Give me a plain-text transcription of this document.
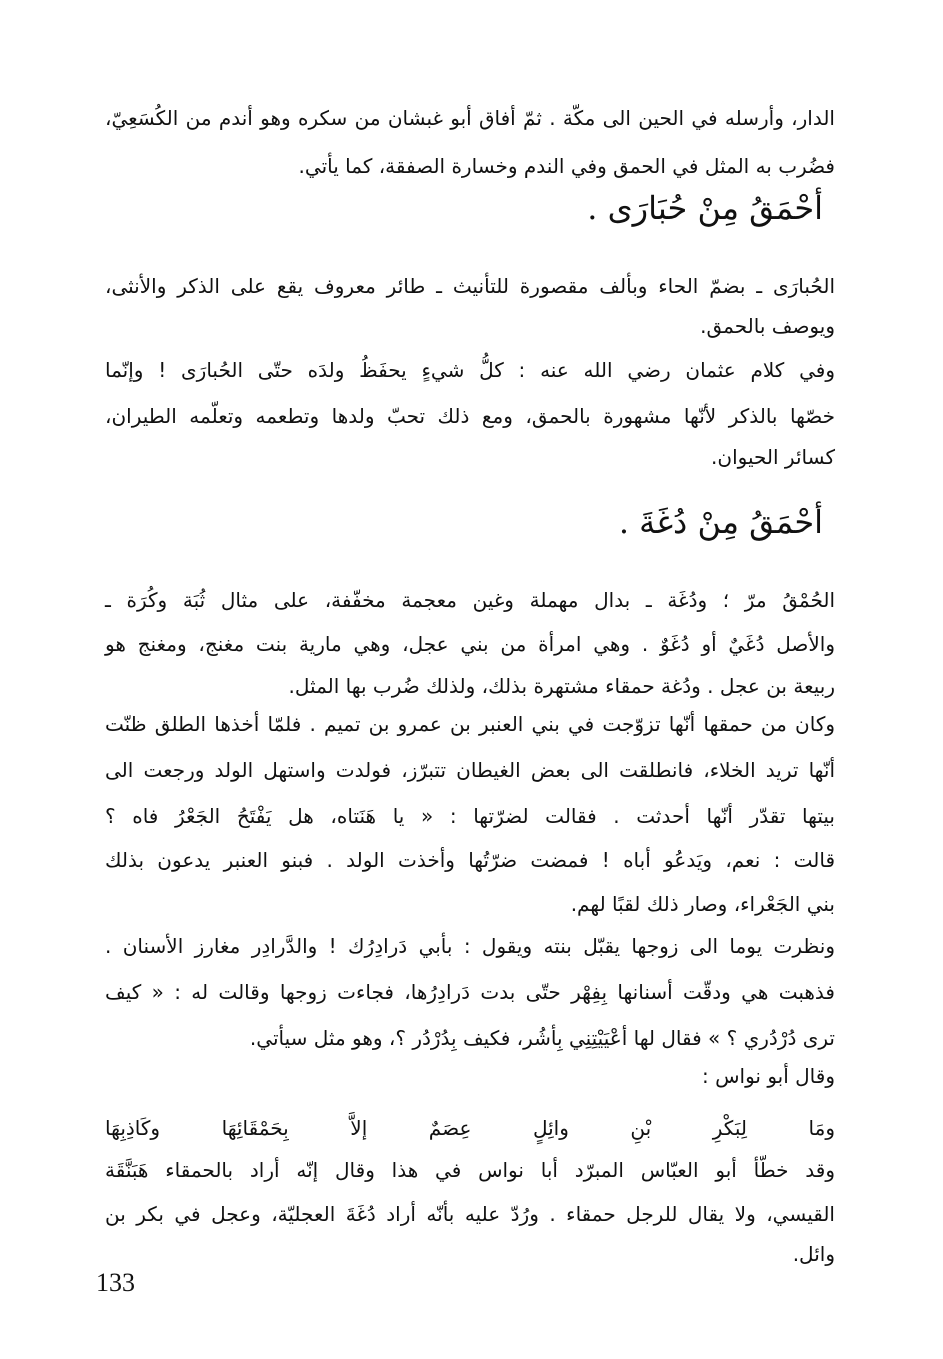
الدار، وأرسله في الحين الى مكّة . ثمّ أفاق أبو غبشان من سكره وهو أندم من الكُسَعِيّ،
فضُرب به المثل في الحمق وفي الندم وخسارة الصفقة، كما يأتي.
أحْمَقُ مِنْ حُبَارَى .
الحُبارَى ـ بضمّ الحاء وبألف مقصورة للتأنيث ـ طائر معروف يقع على الذكر والأنثى،
ويوصف بالحمق.
وفي كلام عثمان رضي الله عنه : كلُّ شيءٍ يحفَظُ ولدَه حتّى الحُبارَى ! وإنّما
خصّها بالذكر لأنّها مشهورة بالحمق، ومع ذلك تحبّ ولدها وتطعمه وتعلّمه الطيران،
كسائر الحيوان.
أحْمَقُ مِنْ دُغَةَ .
الحُمْقُ مرّ ؛ ودُغَة ـ بدال مهملة وغين معجمة مخفّفة، على مثال ثُبَة وكُرَة ـ
والأصل دُغَيٌ أو دُغَوٌ . وهي امرأة من بني عجل، وهي مارية بنت مغنج، ومغنج هو
ربيعة بن عجل . ودُغة حمقاء مشتهرة بذلك، ولذلك ضُرب بها المثل.
وكان من حمقها أنّها تزوّجت في بني العنبر بن عمرو بن تميم . فلمّا أخذها الطلق ظنّت
أنّها تريد الخلاء، فانطلقت الى بعض الغيطان تتبرّز، فولدت واستهل الولد ورجعت الى
بيتها تقدّر أنّها أحدثت . فقالت لضرّتها : « يا هَنَتاه، هل يَفْتَحُ الجَعْرُ فاه ؟
قالت : نعم، ويَدعُو أباه ! فمضت ضرّتُها وأخذت الولد . فبنو العنبر يدعون بذلك
بني الجَعْراء، وصار ذلك لقبًا لهم.
ونظرت يوما الى زوجها يقبّل بنته ويقول : بأبي دَرادِرُك ! والدَّرادِر مغارز الأسنان .
فذهبت هي ودقّت أسنانها بِفِهْر حتّى بدت دَرادِرُها، فجاءت زوجها وقالت له : « كيف
ترى دُرْدُري ؟ » فقال لها أعْيَيْتِنِي بِأشُر، فكيف بِدُرْدُر ؟، وهو مثل سيأتي.
وقال أبو نواس :
ومَا لِبَكْرِ بْنِ وائِلٍ عِصَمٌ إلاَّ بِحَمْقَائِهَا وكَاذِبِهَا
وقد خطّأ أبو العبّاس المبرّد أبا نواس في هذا وقال إنّه أراد بالحمقاء هَبَنَّقَة
القيسي، ولا يقال للرجل حمقاء . ورُدّ عليه بأنّه أراد دُغَةَ العجليّة، وعجل في بكر بن
وائل.
133
